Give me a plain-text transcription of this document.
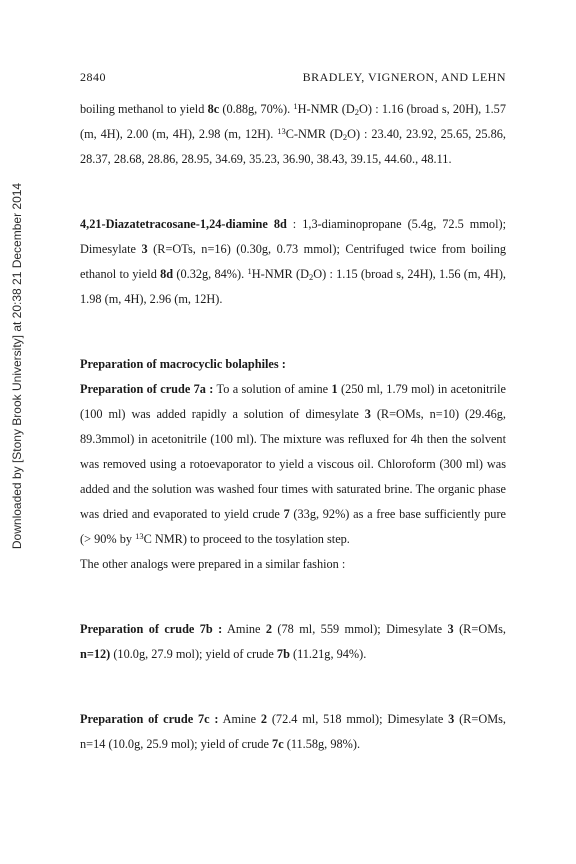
Downloaded by [Stony Brook University] at 20:38 21 December 2014
2840	BRADLEY, VIGNERON, AND LEHN

boiling methanol to yield 8c (0.88g, 70%). $^1$H-NMR $(D_2O)$ : 1.16 (broad s, 20H), 1.57 (m, 4H), 2.00 (m, 4H), 2.98 (m, 12H). $^{13}$C-NMR $(D_2O)$ : 23.40, 23.92, 25.65, 25.86, 28.37, 28.68, 28.86, 28.95, 34.69, 35.23, 36.90, 38.43, 39.15, 44.60., 48.11.

4,21-Diazatetracosane-1,24-diamine 8d : 1,3-diaminopropane (5.4g, 72.5 mmol); Dimesylate 3 (R=OTs, n=16) (0.30g, 0.73 mmol); Centrifuged twice from boiling ethanol to yield 8d (0.32g, 84%). $^1$H-NMR $(D_2O)$ : 1.15 (broad s, 24H), 1.56 (m, 4H), 1.98 (m, 4H), 2.96 (m, 12H).

Preparation of macrocyclic bolaphiles :

Preparation of crude 7a : To a solution of amine 1 (250 ml, 1.79 mol) in acetonitrile (100 ml) was added rapidly a solution of dimesylate 3 (R=OMs, n=10) (29.46g, 89.3mmol) in acetonitrile (100 ml). The mixture was refluxed for 4h then the solvent was removed using a rotoevaporator to yield a viscous oil. Chloroform (300 ml) was added and the solution was washed four times with saturated brine. The organic phase was dried and evaporated to yield crude 7 (33g, 92%) as a free base sufficiently pure (> 90% by $^{13}$C NMR) to proceed to the tosylation step.

The other analogs were prepared in a similar fashion :

Preparation of crude 7b : Amine 2 (78 ml, 559 mmol); Dimesylate 3 (R=OMs, n=12) (10.0g, 27.9 mol); yield of crude 7b (11.21g, 94%).

Preparation of crude 7c : Amine 2 (72.4 ml, 518 mmol); Dimesylate 3 (R=OMs, n=14 (10.0g, 25.9 mol); yield of crude 7c (11.58g, 98%).
